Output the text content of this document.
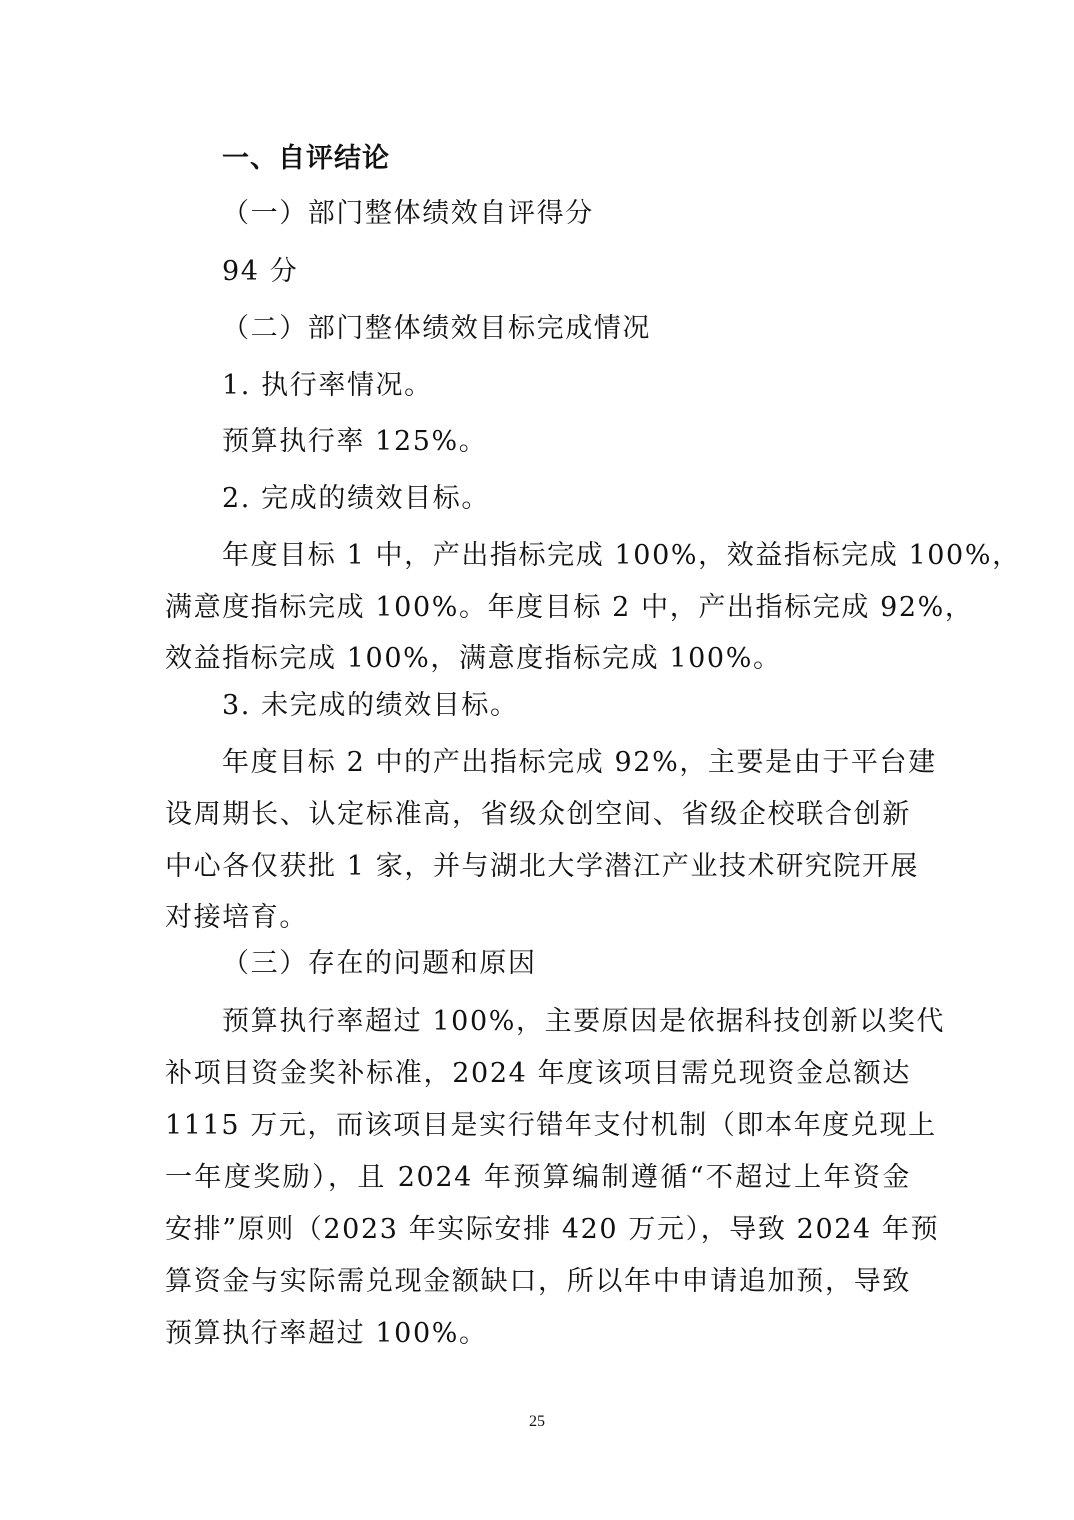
一、自评结论

（一）部门整体绩效自评得分

94 分

（二）部门整体绩效目标完成情况

1. 执行率情况。

预算执行率 125%。

2. 完成的绩效目标。

年度目标 1 中，产出指标完成 100%，效益指标完成 100%，

满意度指标完成 100%。年度目标 2 中，产出指标完成 92%，

效益指标完成 100%，满意度指标完成 100%。

3. 未完成的绩效目标。

年度目标 2 中的产出指标完成 92%，主要是由于平台建

设周期长、认定标准高，省级众创空间、省级企校联合创新

中心各仅获批 1 家，并与湖北大学潜江产业技术研究院开展

对接培育。

（三）存在的问题和原因

预算执行率超过 100%，主要原因是依据科技创新以奖代

补项目资金奖补标准，2024 年度该项目需兑现资金总额达

1115 万元，而该项目是实行错年支付机制（即本年度兑现上

一年度奖励），且 2024 年预算编制遵循“不超过上年资金

安排”原则（2023 年实际安排 420 万元），导致 2024 年预

算资金与实际需兑现金额缺口，所以年中申请追加预，导致

预算执行率超过 100%。

25
